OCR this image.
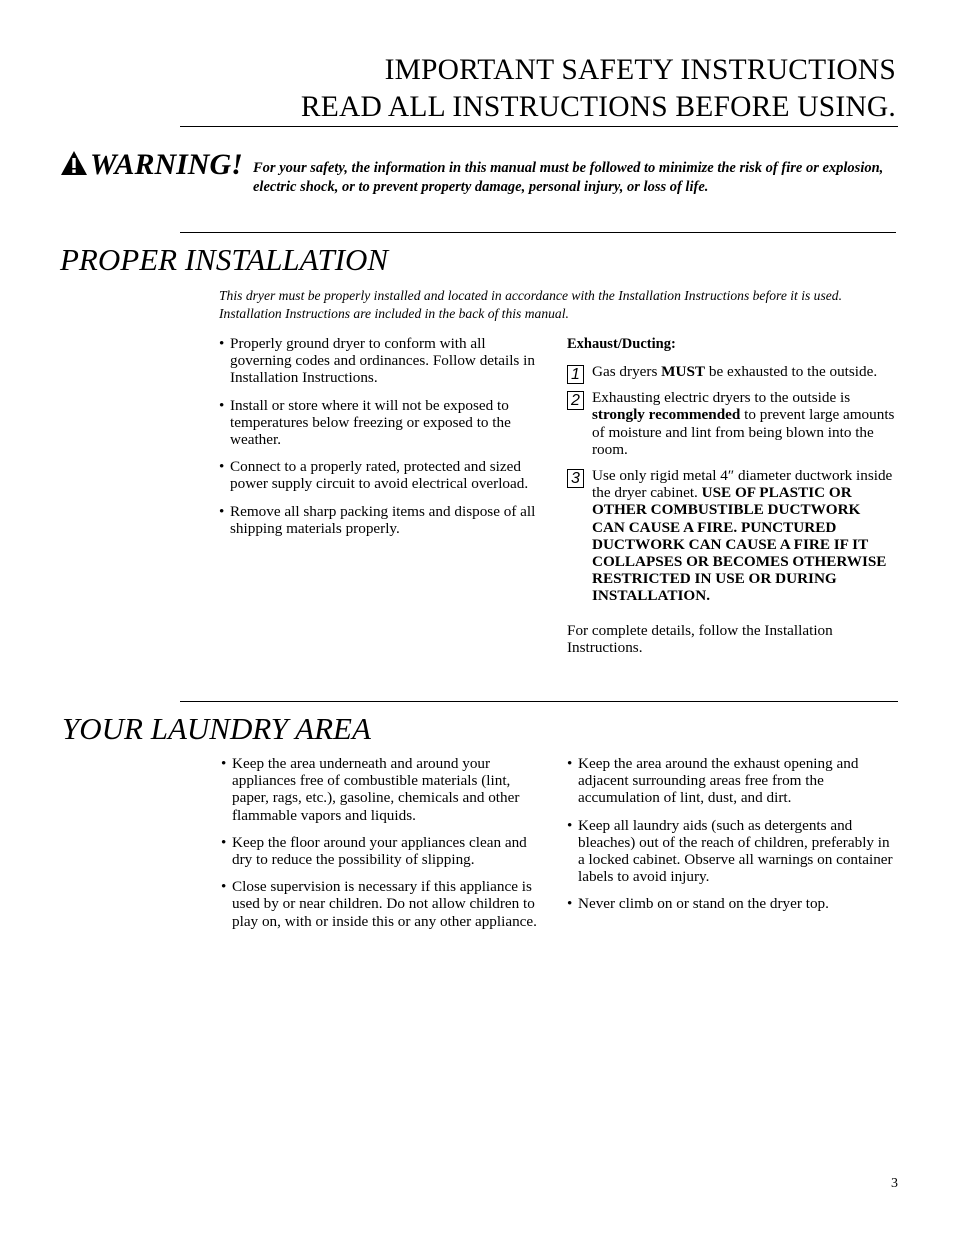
IMPORTANT SAFETY INSTRUCTIONS
READ ALL INSTRUCTIONS BEFORE USING.
WARNING! For your safety, the information in this manual must be followed to minimize the risk of fire or explosion, electric shock, or to prevent property damage, personal injury, or loss of life.
PROPER INSTALLATION
This dryer must be properly installed and located in accordance with the Installation Instructions before it is used. Installation Instructions are included in the back of this manual.
• Properly ground dryer to conform with all governing codes and ordinances. Follow details in Installation Instructions.
• Install or store where it will not be exposed to temperatures below freezing or exposed to the weather.
• Connect to a properly rated, protected and sized power supply circuit to avoid electrical overload.
• Remove all sharp packing items and dispose of all shipping materials properly.
Exhaust/Ducting:
1 Gas dryers MUST be exhausted to the outside.
2 Exhausting electric dryers to the outside is strongly recommended to prevent large amounts of moisture and lint from being blown into the room.
3 Use only rigid metal 4″ diameter ductwork inside the dryer cabinet. USE OF PLASTIC OR OTHER COMBUSTIBLE DUCTWORK CAN CAUSE A FIRE. PUNCTURED DUCTWORK CAN CAUSE A FIRE IF IT COLLAPSES OR BECOMES OTHERWISE RESTRICTED IN USE OR DURING INSTALLATION.
For complete details, follow the Installation Instructions.
YOUR LAUNDRY AREA
• Keep the area underneath and around your appliances free of combustible materials (lint, paper, rags, etc.), gasoline, chemicals and other flammable vapors and liquids.
• Keep the floor around your appliances clean and dry to reduce the possibility of slipping.
• Close supervision is necessary if this appliance is used by or near children. Do not allow children to play on, with or inside this or any other appliance.
• Keep the area around the exhaust opening and adjacent surrounding areas free from the accumulation of lint, dust, and dirt.
• Keep all laundry aids (such as detergents and bleaches) out of the reach of children, preferably in a locked cabinet. Observe all warnings on container labels to avoid injury.
• Never climb on or stand on the dryer top.
3
